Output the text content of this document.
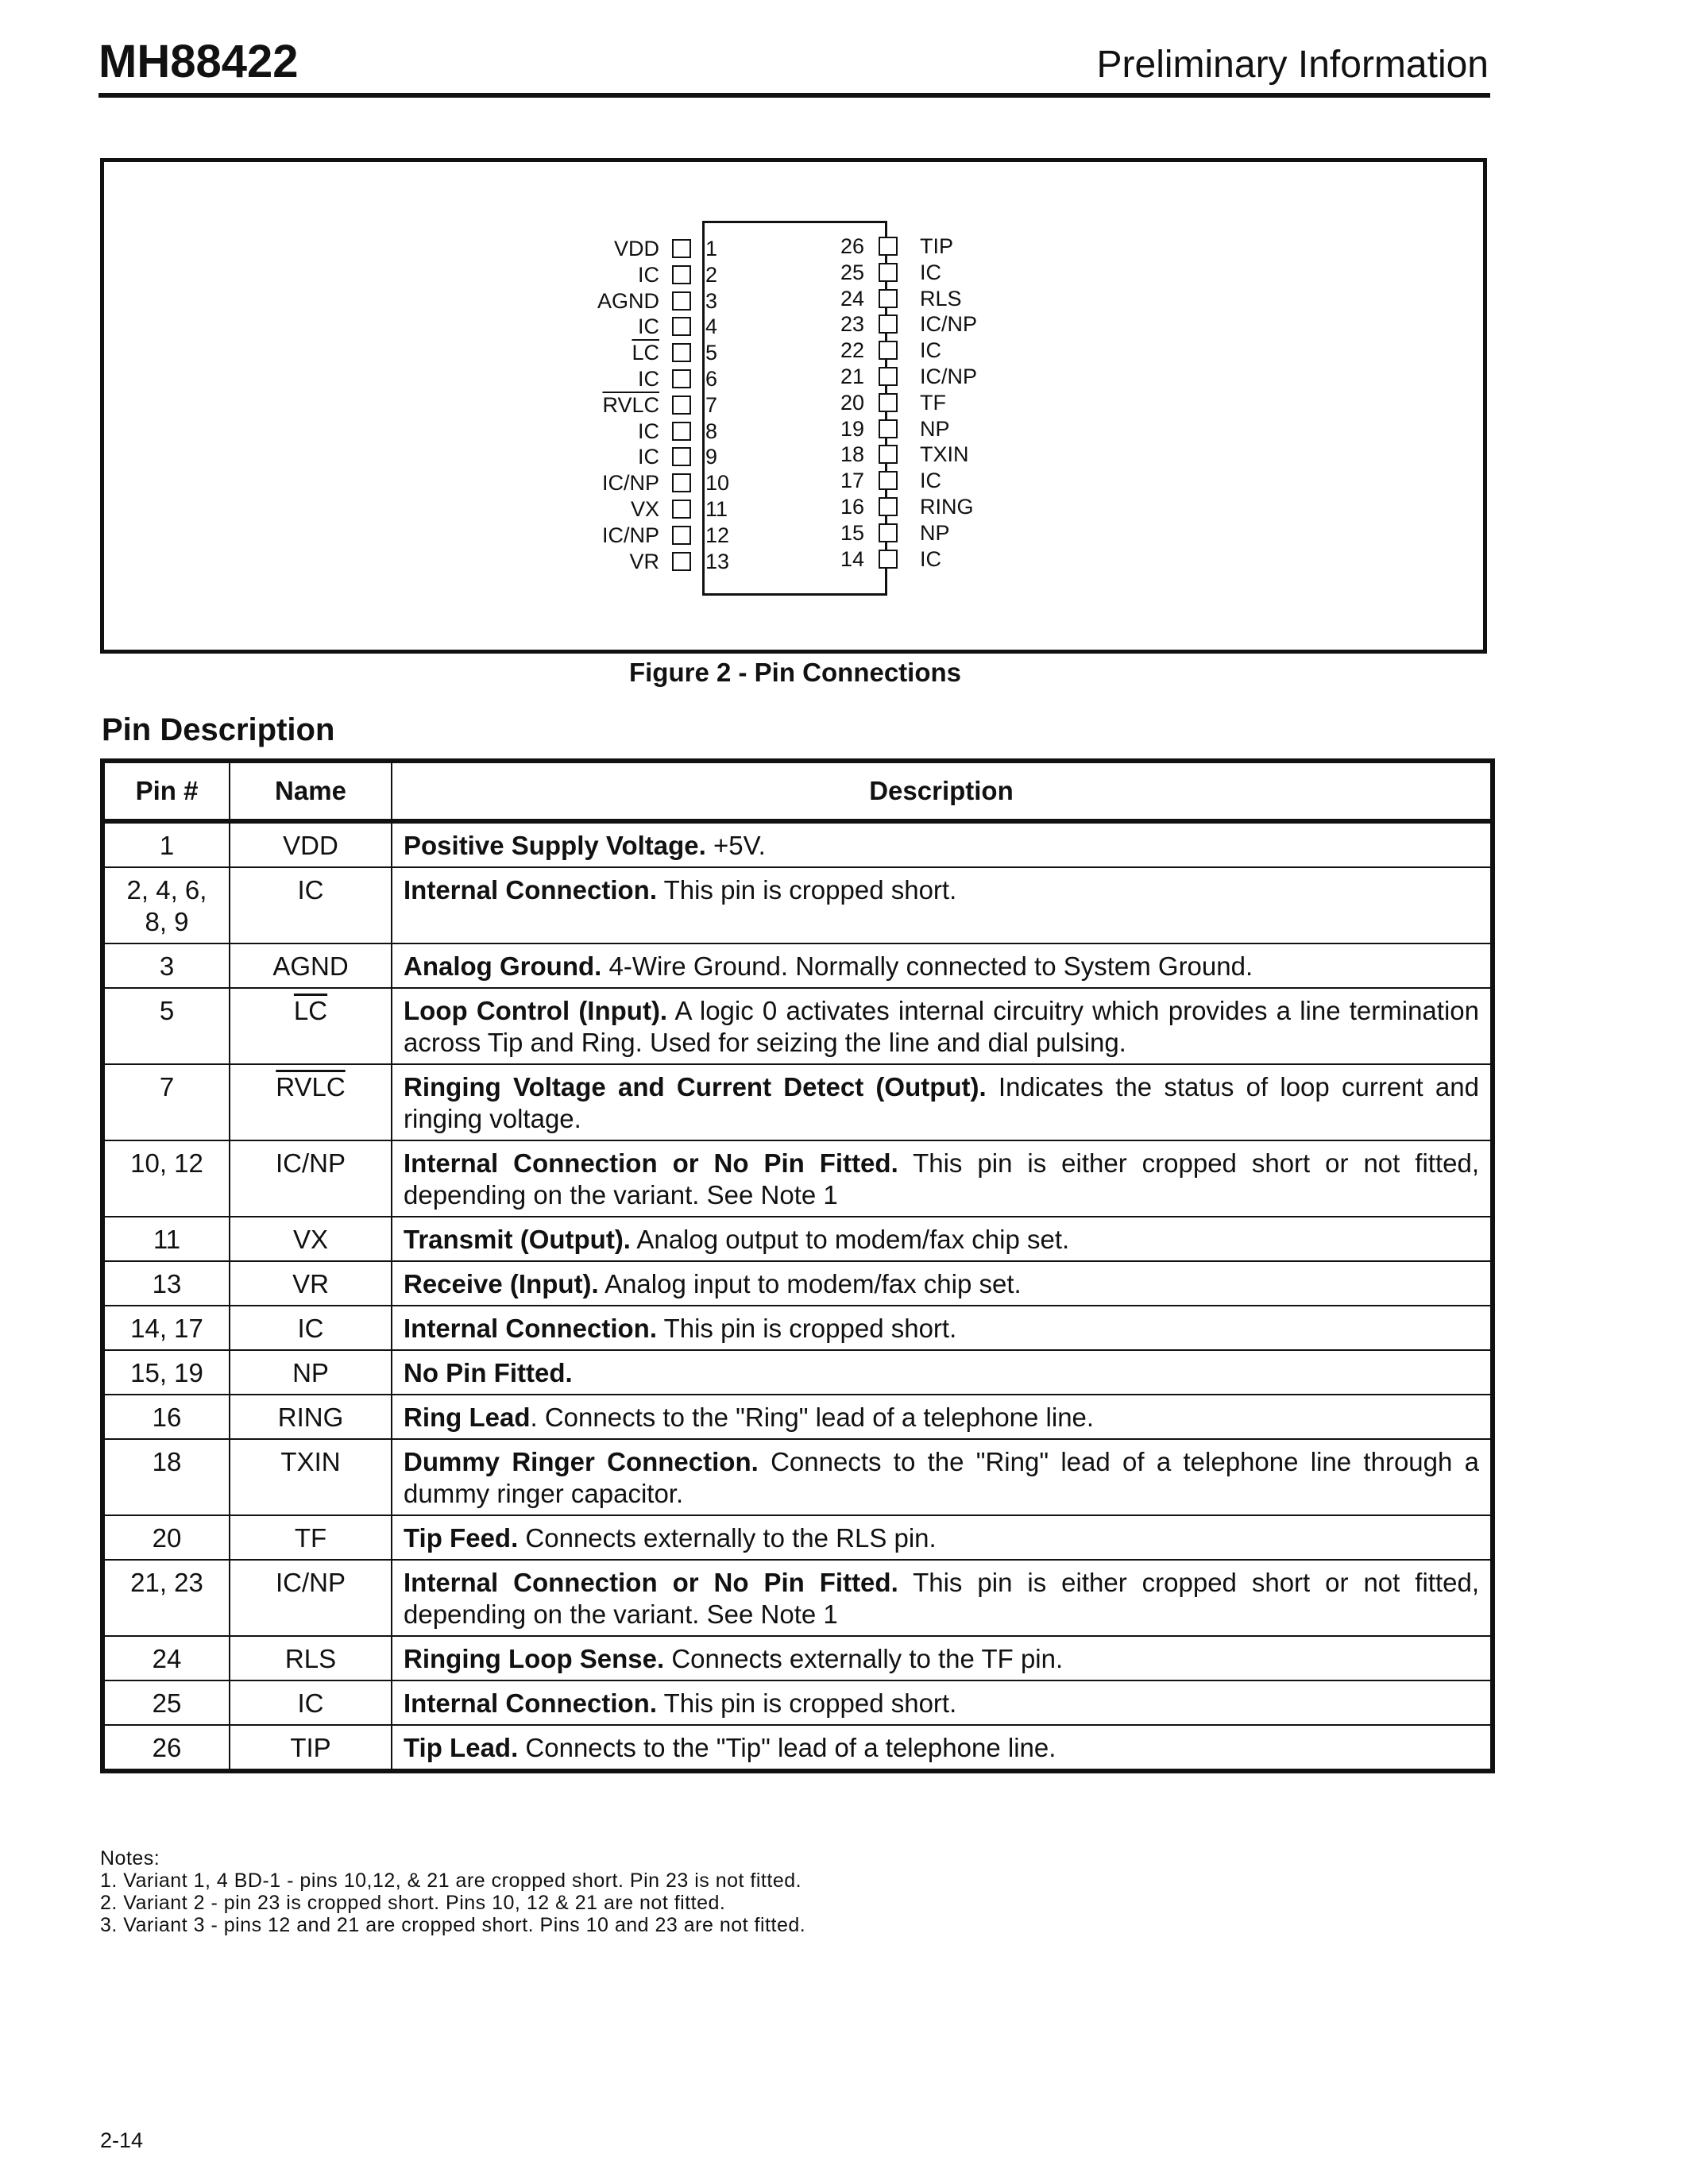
MH88422	Preliminary Information
VDD 1
IC 2
AGND 3
IC 4
$\overline{LC}$ 5
IC 6
RVLC 7
IC 8
IC 9
IC/NP 10
VX 11
IC/NP 12
VR 13
26	TIP
25	IC
24	RLS
23	IC/NP
22	IC
21	IC/NP
20	TF
19	NP
18	TXIN
17	IC
16	RING
15	NP
14	IC
Figure 2 - Pin Connections
Pin Description
Pin #	Name	Description
1	VDD	Positive Supply Voltage. +5V.
2, 4, 6, 8, 9	IC	Internal Connection. This pin is cropped short.
3	AGND	Analog Ground. 4-Wire Ground. Normally connected to System Ground.
5	$\overline{LC}$	Loop Control (Input). A logic 0 activates internal circuitry which provides a line termination across Tip and Ring. Used for seizing the line and dial pulsing.
7	RVLC	Ringing Voltage and Current Detect (Output). Indicates the status of loop current and ringing voltage.
10, 12	IC/NP	Internal Connection or No Pin Fitted. This pin is either cropped short or not fitted, depending on the variant. See Note 1
11	VX	Transmit (Output). Analog output to modem/fax chip set.
13	VR	Receive (Input). Analog input to modem/fax chip set.
14, 17	IC	Internal Connection. This pin is cropped short.
15, 19	NP	No Pin Fitted.
16	RING	Ring Lead. Connects to the "Ring" lead of a telephone line.
18	TXIN	Dummy Ringer Connection. Connects to the "Ring" lead of a telephone line through a dummy ringer capacitor.
20	TF	Tip Feed. Connects externally to the RLS pin.
21, 23	IC/NP	Internal Connection or No Pin Fitted. This pin is either cropped short or not fitted, depending on the variant. See Note 1
24	RLS	Ringing Loop Sense. Connects externally to the TF pin.
25	IC	Internal Connection. This pin is cropped short.
26	TIP	Tip Lead. Connects to the "Tip" lead of a telephone line.
Notes:
1. Variant 1, 4 BD-1 - pins 10,12, & 21 are cropped short. Pin 23 is not fitted.
2. Variant 2 - pin 23 is cropped short. Pins 10, 12 & 21 are not fitted.
3. Variant 3 - pins 12 and 21 are cropped short. Pins 10 and 23 are not fitted.
2-14
